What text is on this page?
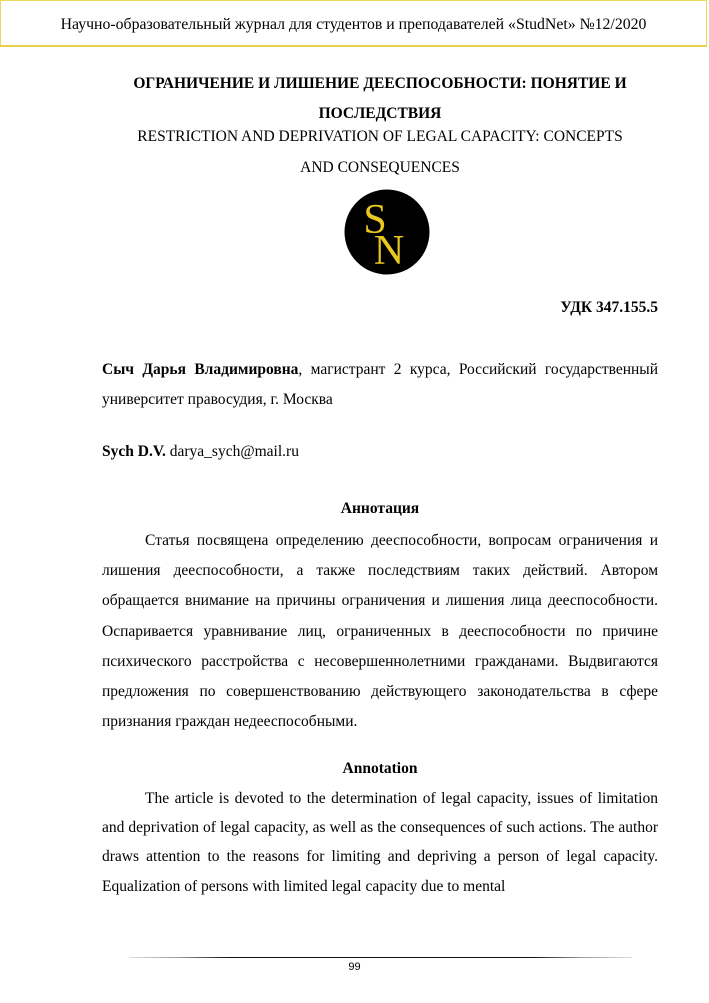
Научно-образовательный журнал для студентов и преподавателей «StudNet» №12/2020
ОГРАНИЧЕНИЕ И ЛИШЕНИЕ ДЕЕСПОСОБНОСТИ: ПОНЯТИЕ И
ПОСЛЕДСТВИЯ
RESTRICTION AND DEPRIVATION OF LEGAL CAPACITY: CONCEPTS
AND CONSEQUENCES
S
N
УДК 347.155.5
Сыч Дарья Владимировна, магистрант 2 курса, Российский государственный университет правосудия, г. Москва
Sych D.V. darya_sych@mail.ru
Аннотация
Статья посвящена определению дееспособности, вопросам ограничения и лишения дееспособности, а также последствиям таких действий. Автором обращается внимание на причины ограничения и лишения лица дееспособности. Оспаривается уравнивание лиц, ограниченных в дееспособности по причине психического расстройства с несовершеннолетними гражданами. Выдвигаются предложения по совершенствованию действующего законодательства в сфере признания граждан недееспособными.
Annotation
The article is devoted to the determination of legal capacity, issues of limitation and deprivation of legal capacity, as well as the consequences of such actions. The author draws attention to the reasons for limiting and depriving a person of legal capacity. Equalization of persons with limited legal capacity due to mental
99
